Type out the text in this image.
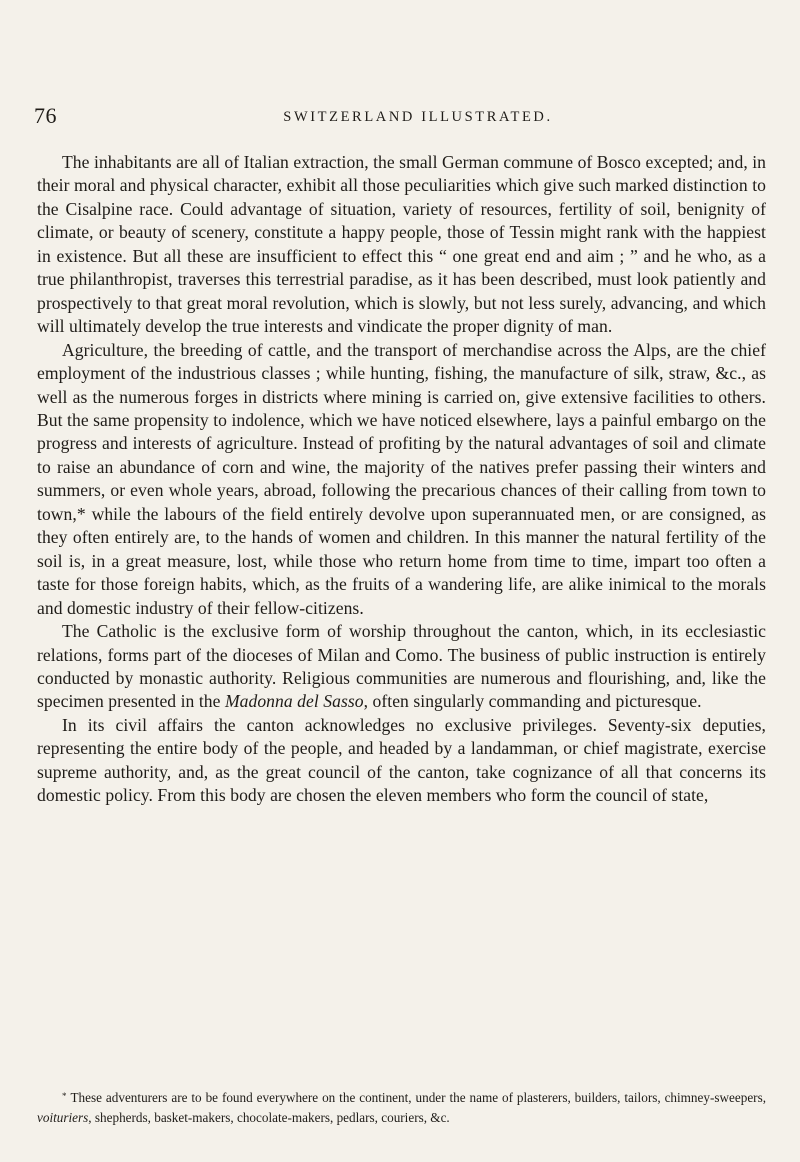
76	SWITZERLAND ILLUSTRATED.

The inhabitants are all of Italian extraction, the small German commune of Bosco excepted; and, in their moral and physical character, exhibit all those peculiarities which give such marked distinction to the Cisalpine race. Could advantage of situation, variety of resources, fertility of soil, benignity of climate, or beauty of scenery, constitute a happy people, those of Tessin might rank with the happiest in existence. But all these are insufficient to effect this “ one great end and aim ; ” and he who, as a true philanthropist, traverses this terrestrial paradise, as it has been described, must look patiently and prospectively to that great moral revolution, which is slowly, but not less surely, advancing, and which will ultimately develop the true interests and vindicate the proper dignity of man.

Agriculture, the breeding of cattle, and the transport of merchandise across the Alps, are the chief employment of the industrious classes ; while hunting, fishing, the manufacture of silk, straw, &c., as well as the numerous forges in districts where mining is carried on, give extensive facilities to others. But the same propensity to indolence, which we have noticed elsewhere, lays a painful embargo on the progress and interests of agriculture. Instead of profiting by the natural advantages of soil and climate to raise an abundance of corn and wine, the majority of the natives prefer passing their winters and summers, or even whole years, abroad, following the precarious chances of their calling from town to town,* while the labours of the field entirely devolve upon superannuated men, or are consigned, as they often entirely are, to the hands of women and children. In this manner the natural fertility of the soil is, in a great measure, lost, while those who return home from time to time, impart too often a taste for those foreign habits, which, as the fruits of a wandering life, are alike inimical to the morals and domestic industry of their fellow-citizens.

The Catholic is the exclusive form of worship throughout the canton, which, in its ecclesiastic relations, forms part of the dioceses of Milan and Como. The business of public instruction is entirely conducted by monastic authority. Religious communities are numerous and flourishing, and, like the specimen presented in the Madonna del Sasso, often singularly commanding and picturesque.

In its civil affairs the canton acknowledges no exclusive privileges. Seventy-six deputies, representing the entire body of the people, and headed by a landamman, or chief magistrate, exercise supreme authority, and, as the great council of the canton, take cognizance of all that concerns its domestic policy. From this body are chosen the eleven members who form the council of state,

* These adventurers are to be found everywhere on the continent, under the name of plasterers, builders, tailors, chimney-sweepers, voituriers, shepherds, basket-makers, chocolate-makers, pedlars, couriers, &c.
